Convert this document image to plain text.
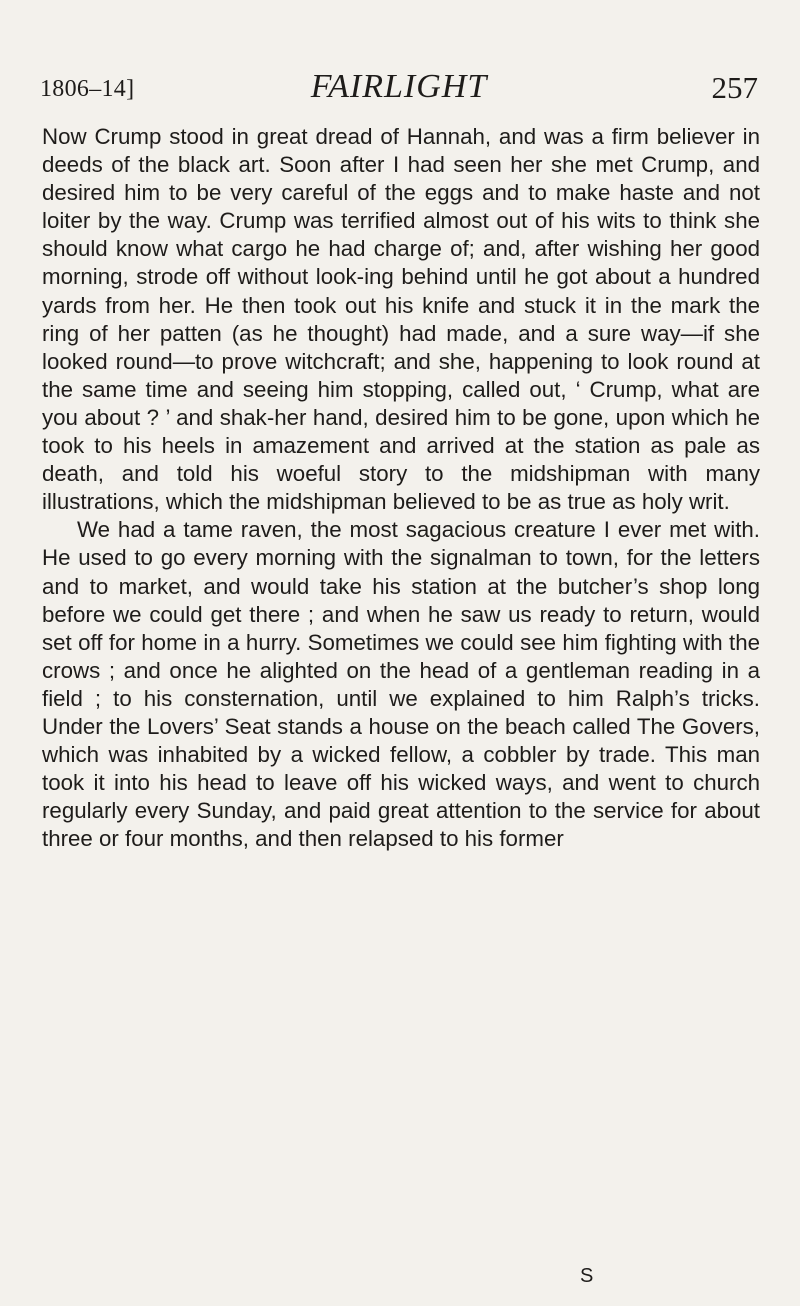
1806–14]	FAIRLIGHT	257

Now Crump stood in great dread of Hannah, and was a firm believer in deeds of the black art. Soon after I had seen her she met Crump, and desired him to be very careful of the eggs and to make haste and not loiter by the way. Crump was terrified almost out of his wits to think she should know what cargo he had charge of; and, after wishing her good morning, strode off without look-ing behind until he got about a hundred yards from her. He then took out his knife and stuck it in the mark the ring of her patten (as he thought) had made, and a sure way—if she looked round—to prove witchcraft; and she, happening to look round at the same time and seeing him stopping, called out, ‘ Crump, what are you about ? ’ and shak-her hand, desired him to be gone, upon which he took to his heels in amazement and arrived at the station as pale as death, and told his woeful story to the midshipman with many illustrations, which the midshipman believed to be as true as holy writ.

We had a tame raven, the most sagacious creature I ever met with. He used to go every morning with the signalman to town, for the letters and to market, and would take his station at the butcher’s shop long before we could get there ; and when he saw us ready to return, would set off for home in a hurry. Sometimes we could see him fighting with the crows ; and once he alighted on the head of a gentleman reading in a field ; to his consternation, until we explained to him Ralph’s tricks. Under the Lovers’ Seat stands a house on the beach called The Govers, which was inhabited by a wicked fellow, a cobbler by trade. This man took it into his head to leave off his wicked ways, and went to church regularly every Sunday, and paid great attention to the service for about three or four months, and then relapsed to his former

S
